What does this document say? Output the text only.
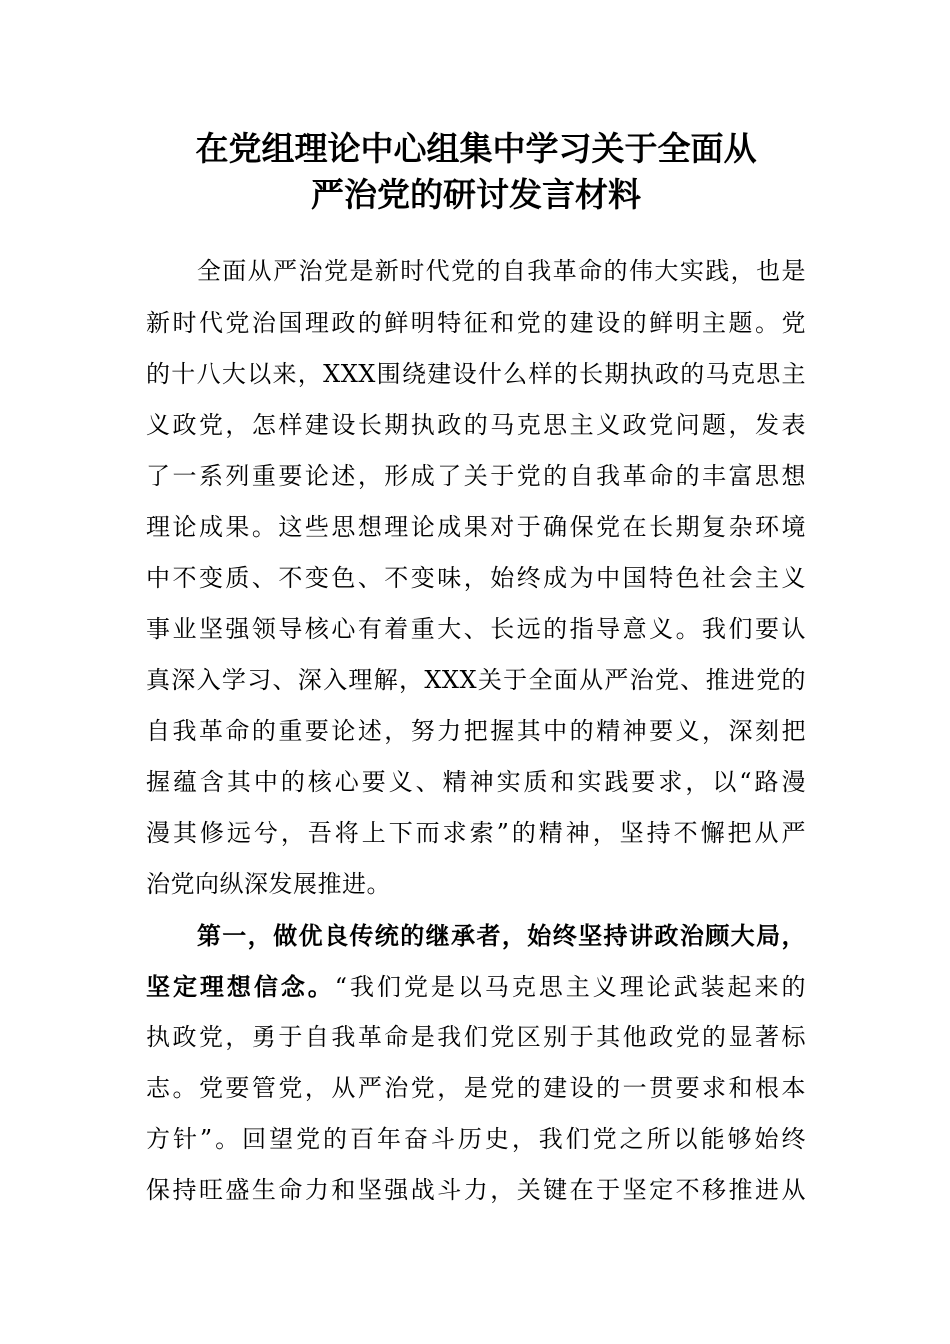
在党组理论中心组集中学习关于全面从
严治党的研讨发言材料

　　全面从严治党是新时代党的自我革命的伟大实践，也是

新时代党治国理政的鲜明特征和党的建设的鲜明主题。党

的十八大以来，XXX围绕建设什么样的长期执政的马克思主

义政党，怎样建设长期执政的马克思主义政党问题，发表

了一系列重要论述，形成了关于党的自我革命的丰富思想

理论成果。这些思想理论成果对于确保党在长期复杂环境

中不变质、不变色、不变味，始终成为中国特色社会主义

事业坚强领导核心有着重大、长远的指导意义。我们要认

真深入学习、深入理解，XXX关于全面从严治党、推进党的

自我革命的重要论述，努力把握其中的精神要义，深刻把

握蕴含其中的核心要义、精神实质和实践要求，以“路漫

漫其修远兮，吾将上下而求索”的精神，坚持不懈把从严

治党向纵深发展推进。

　　第一，做优良传统的继承者，始终坚持讲政治顾大局，

坚定理想信念。“我们党是以马克思主义理论武装起来的

执政党，勇于自我革命是我们党区别于其他政党的显著标

志。党要管党，从严治党，是党的建设的一贯要求和根本

方针”。回望党的百年奋斗历史，我们党之所以能够始终

保持旺盛生命力和坚强战斗力，关键在于坚定不移推进从
